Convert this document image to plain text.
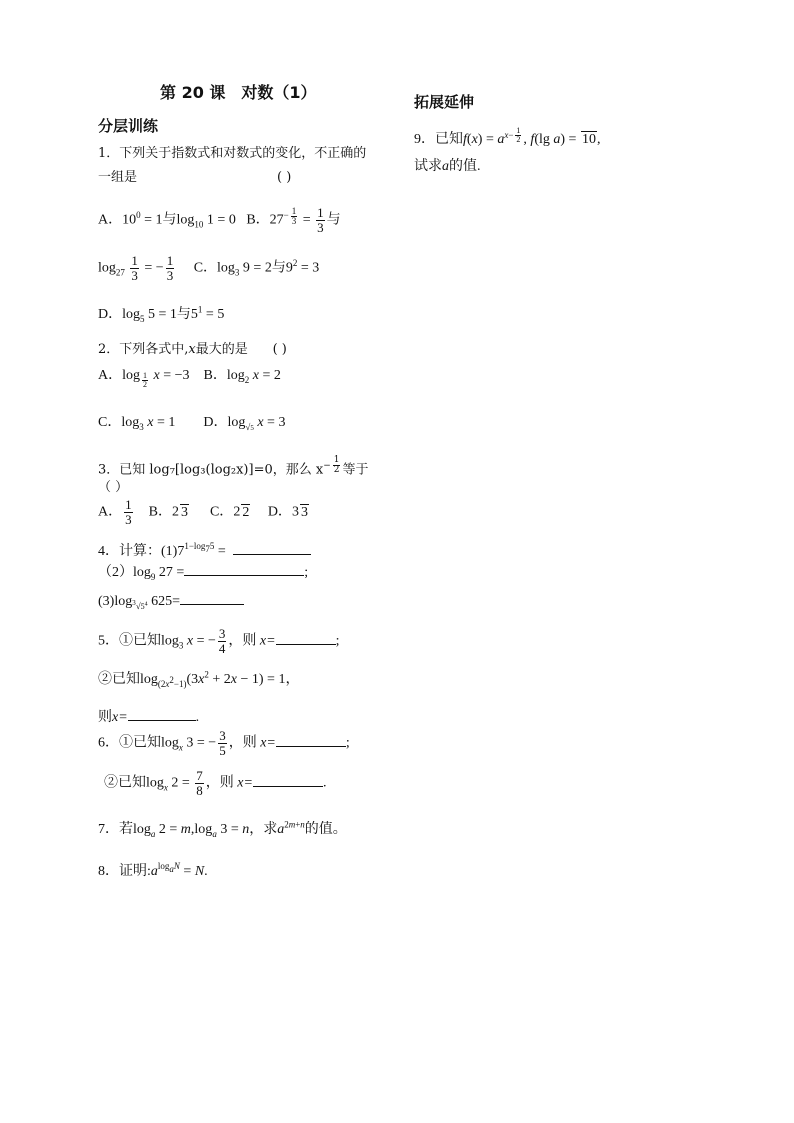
第 20 课　对数（1）
分层训练
拓展延伸
1．下列关于指数式和对数式的变化，不正确的
一组是	( )
A．$10^0 = 1$与$\log_{10} 1 = 0$   B．$27^{- \frac{1}{3}} = \frac{1}{3}$ 与
$\log_{27} \frac{1}{3}$ = − $\frac{1}{3}$ C．$\log_3 9 = 2$与$9^2 = 3$
D．$\log_5 5 = 1$与$5^1 = 5$
2．下列各式中,x最大的是 ( )
A．log $_{\frac{1}{2}}$ x = −3    B．$\log_2 x = 2$
C．$\log_3 x = 1$        D．$\log_{√5} x = 3$
3．已知 log₇[log₃(log₂x)]=0，那么 $x^{- \frac{1}{2}}$ 等于
（ ）
A． $\frac{1}{3}$ B．2 3 C．2 2 D．3 3
4．计算：$(1)7^{1-log_75}$ =
$(2)\log_9$ 27 =	;
$(3)\log_{^3√5^4}$ 625=
5．①已知$\log_3 x$ = − $\frac{3}{4}$ ，则 x=	;
②已知$\log_{(2x^2-1)}(3x^2 + 2x - 1) = 1$，
则x=	.
6．①已知$\log_x 3$ = − $\frac{3}{5}$ ，则 x=	;
②已知$\log_x 2 = \frac{7}{8}$ ，则 x=	.
7．若$\log_a 2 = m,\log_a$ 3 = n，求$a^{2m+n}$的值。
8．证明$:a^{log_aN} = N$.
9．已知$f(x) = a^{x- \frac{1}{2}}$ , f(lg a) = 10,
试求a的值.
